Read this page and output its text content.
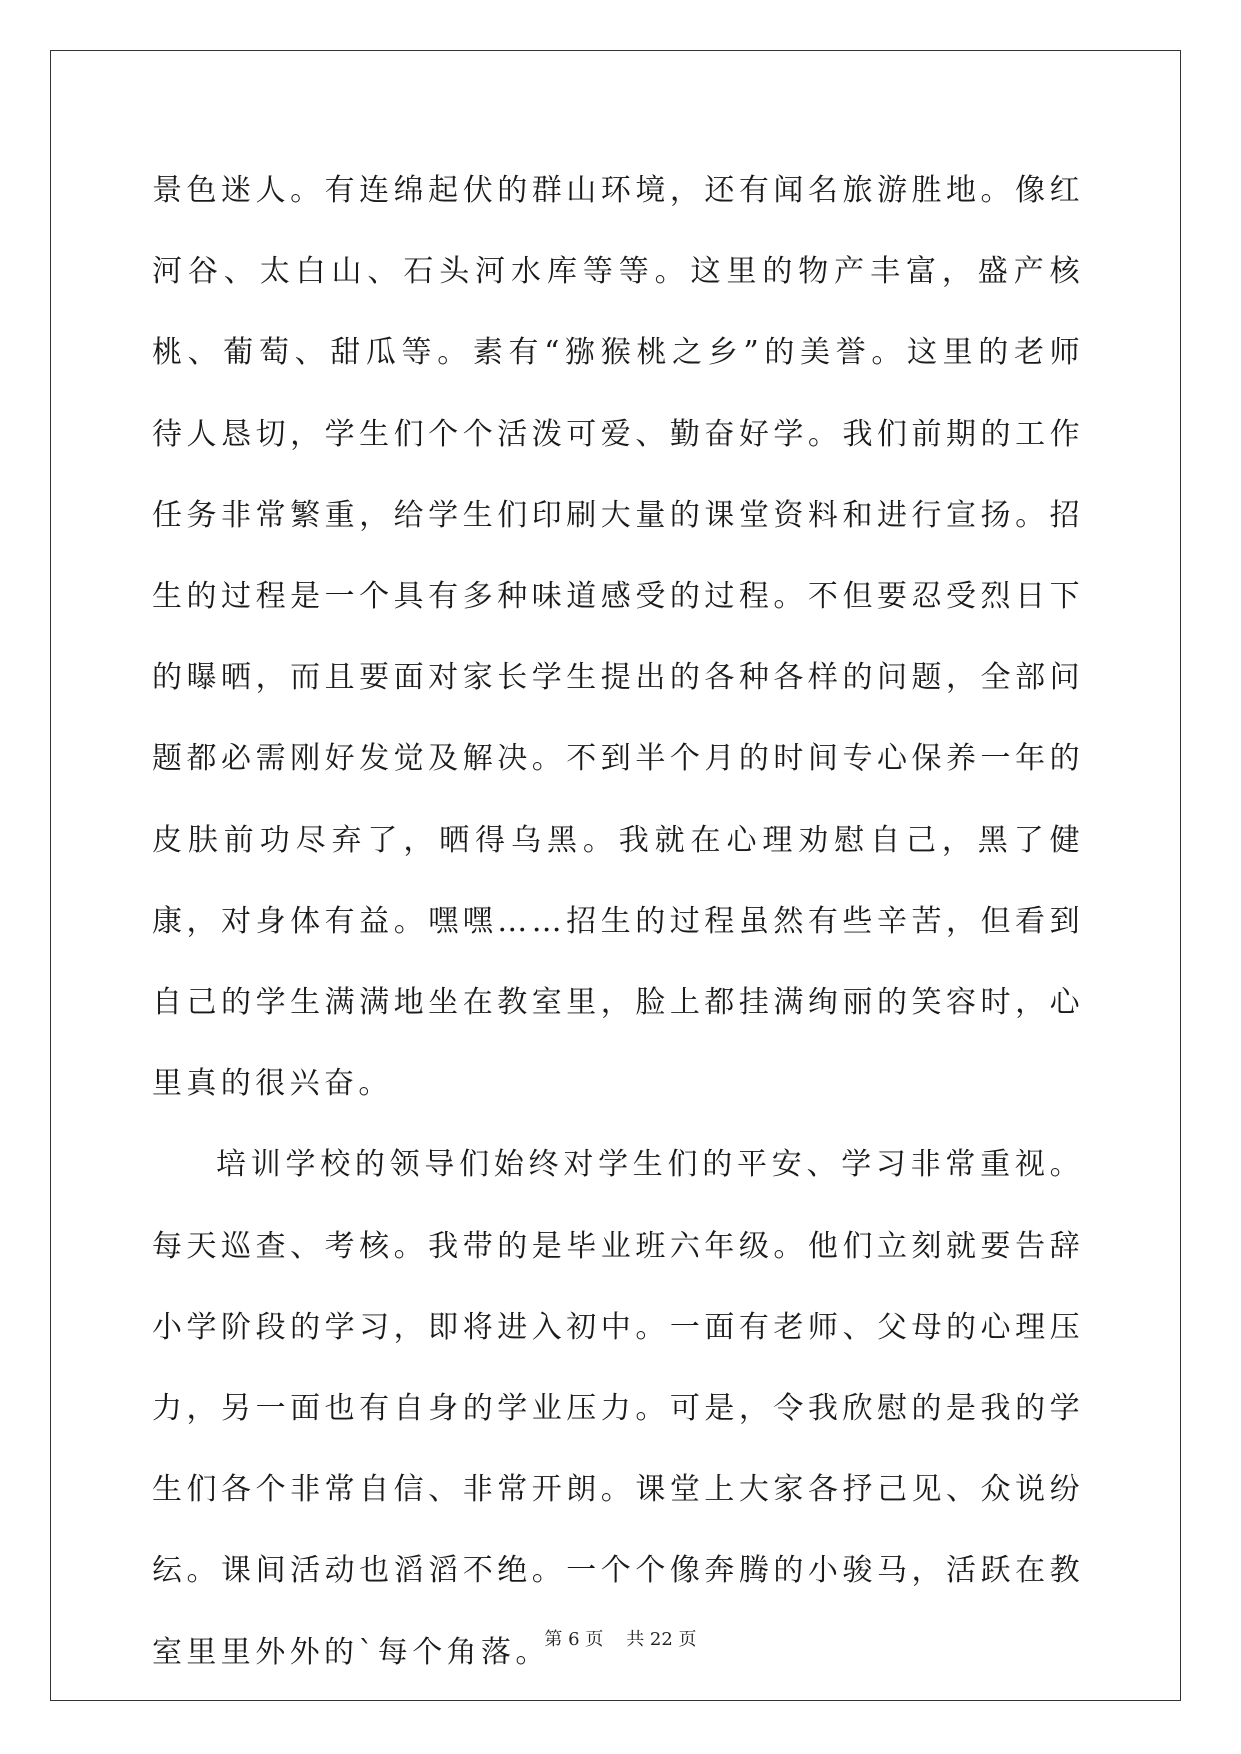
景色迷人。有连绵起伏的群山环境，还有闻名旅游胜地。像红河谷、太白山、石头河水库等等。这里的物产丰富，盛产核桃、葡萄、甜瓜等。素有“猕猴桃之乡”的美誉。这里的老师待人恳切，学生们个个活泼可爱、勤奋好学。我们前期的工作任务非常繁重，给学生们印刷大量的课堂资料和进行宣扬。招生的过程是一个具有多种味道感受的过程。不但要忍受烈日下的曝晒，而且要面对家长学生提出的各种各样的问题，全部问题都必需刚好发觉及解决。不到半个月的时间专心保养一年的皮肤前功尽弃了，晒得乌黑。我就在心理劝慰自己，黑了健康，对身体有益。嘿嘿……招生的过程虽然有些辛苦，但看到自己的学生满满地坐在教室里，脸上都挂满绚丽的笑容时，心里真的很兴奋。

培训学校的领导们始终对学生们的平安、学习非常重视。每天巡查、考核。我带的是毕业班六年级。他们立刻就要告辞小学阶段的学习，即将进入初中。一面有老师、父母的心理压力，另一面也有自身的学业压力。可是，令我欣慰的是我的学生们各个非常自信、非常开朗。课堂上大家各抒己见、众说纷纭。课间活动也滔滔不绝。一个个像奔腾的小骏马，活跃在教室里里外外的`每个角落。

第 6 页    共 22 页
